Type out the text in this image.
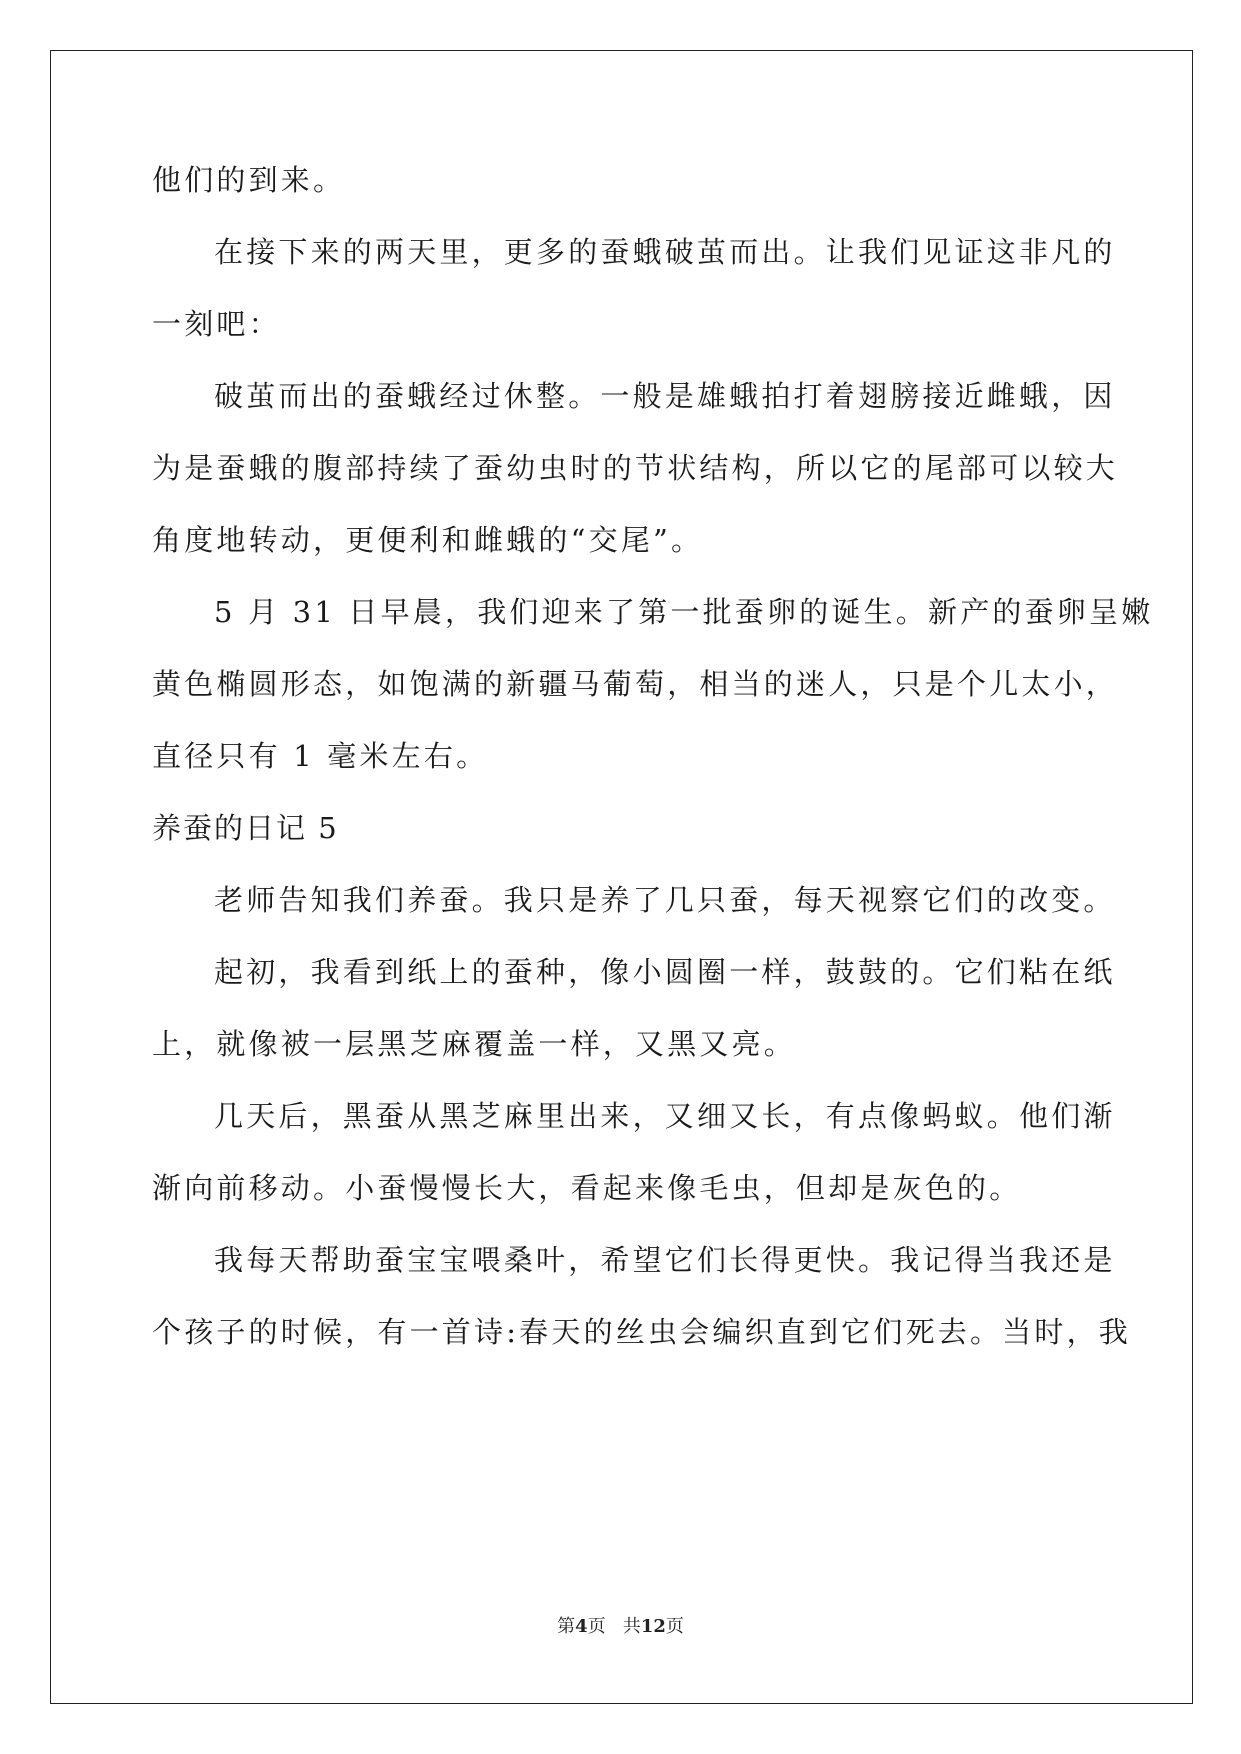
他们的到来。
在接下来的两天里，更多的蚕蛾破茧而出。让我们见证这非凡的
一刻吧：
破茧而出的蚕蛾经过休整。一般是雄蛾拍打着翅膀接近雌蛾，因
为是蚕蛾的腹部持续了蚕幼虫时的节状结构，所以它的尾部可以较大
角度地转动，更便利和雌蛾的“交尾”。
5 月 31 日早晨，我们迎来了第一批蚕卵的诞生。新产的蚕卵呈嫩
黄色椭圆形态，如饱满的新疆马葡萄，相当的迷人，只是个儿太小，
直径只有 1 毫米左右。
养蚕的日记 5
老师告知我们养蚕。我只是养了几只蚕，每天视察它们的改变。
起初，我看到纸上的蚕种，像小圆圈一样，鼓鼓的。它们粘在纸
上，就像被一层黑芝麻覆盖一样，又黑又亮。
几天后，黑蚕从黑芝麻里出来，又细又长，有点像蚂蚁。他们渐
渐向前移动。小蚕慢慢长大，看起来像毛虫，但却是灰色的。
我每天帮助蚕宝宝喂桑叶，希望它们长得更快。我记得当我还是
个孩子的时候，有一首诗:春天的丝虫会编织直到它们死去。当时，我
第4页 共12页
